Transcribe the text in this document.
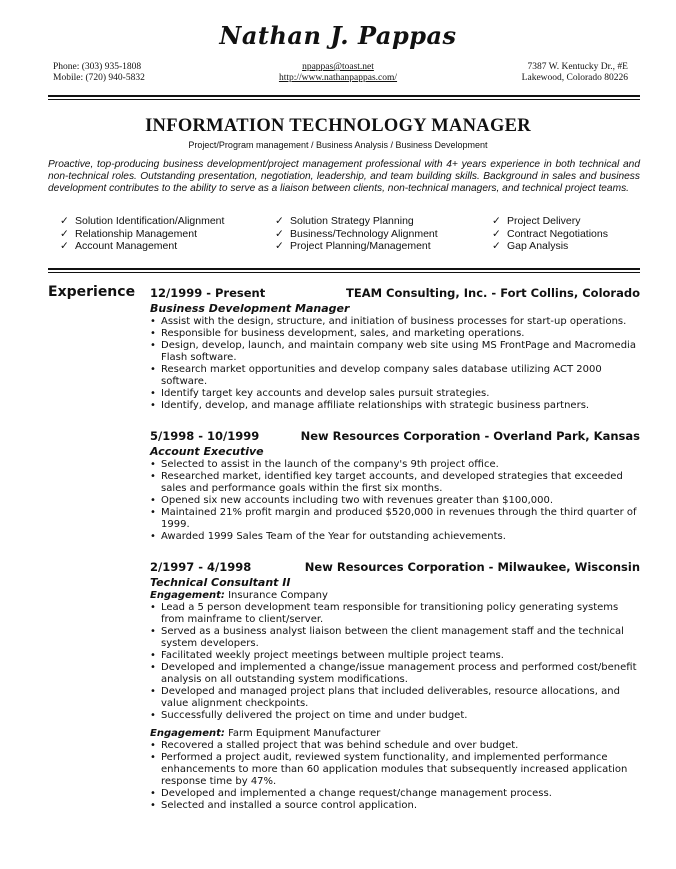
Nathan J. Pappas
Phone: (303) 935-1808
Mobile: (720) 940-5832
npappas@toast.net
http://www.nathanpappas.com/
7387 W. Kentucky Dr., #E
Lakewood, Colorado 80226
INFORMATION TECHNOLOGY MANAGER
Project/Program management / Business Analysis / Business Development
Proactive, top-producing business development/project management professional with 4+ years experience in both technical and non-technical roles. Outstanding presentation, negotiation, leadership, and team building skills. Background in sales and business development contributes to the ability to serve as a liaison between clients, non-technical managers, and technical project teams.
✓ Solution Identification/Alignment
✓ Relationship Management
✓ Account Management
✓ Solution Strategy Planning
✓ Business/Technology Alignment
✓ Project Planning/Management
✓ Project Delivery
✓ Contract Negotiations
✓ Gap Analysis
Experience 12/1999 - Present	TEAM Consulting, Inc. - Fort Collins, Colorado
Business Development Manager
• Assist with the design, structure, and initiation of business processes for start-up operations.
• Responsible for business development, sales, and marketing operations.
• Design, develop, launch, and maintain company web site using MS FrontPage and Macromedia Flash software.
• Research market opportunities and develop company sales database utilizing ACT 2000 software.
• Identify target key accounts and develop sales pursuit strategies.
• Identify, develop, and manage affiliate relationships with strategic business partners.
5/1998 - 10/1999	New Resources Corporation - Overland Park, Kansas
Account Executive
• Selected to assist in the launch of the company's 9th project office.
• Researched market, identified key target accounts, and developed strategies that exceeded sales and performance goals within the first six months.
• Opened six new accounts including two with revenues greater than $100,000.
• Maintained 21% profit margin and produced $520,000 in revenues through the third quarter of 1999.
• Awarded 1999 Sales Team of the Year for outstanding achievements.
2/1997 - 4/1998	New Resources Corporation - Milwaukee, Wisconsin
Technical Consultant II
Engagement: Insurance Company
• Lead a 5 person development team responsible for transitioning policy generating systems from mainframe to client/server.
• Served as a business analyst liaison between the client management staff and the technical system developers.
• Facilitated weekly project meetings between multiple project teams.
• Developed and implemented a change/issue management process and performed cost/benefit analysis on all outstanding system modifications.
• Developed and managed project plans that included deliverables, resource allocations, and value alignment checkpoints.
• Successfully delivered the project on time and under budget.
Engagement: Farm Equipment Manufacturer
• Recovered a stalled project that was behind schedule and over budget.
• Performed a project audit, reviewed system functionality, and implemented performance enhancements to more than 60 application modules that subsequently increased application response time by 47%.
• Developed and implemented a change request/change management process.
• Selected and installed a source control application.
